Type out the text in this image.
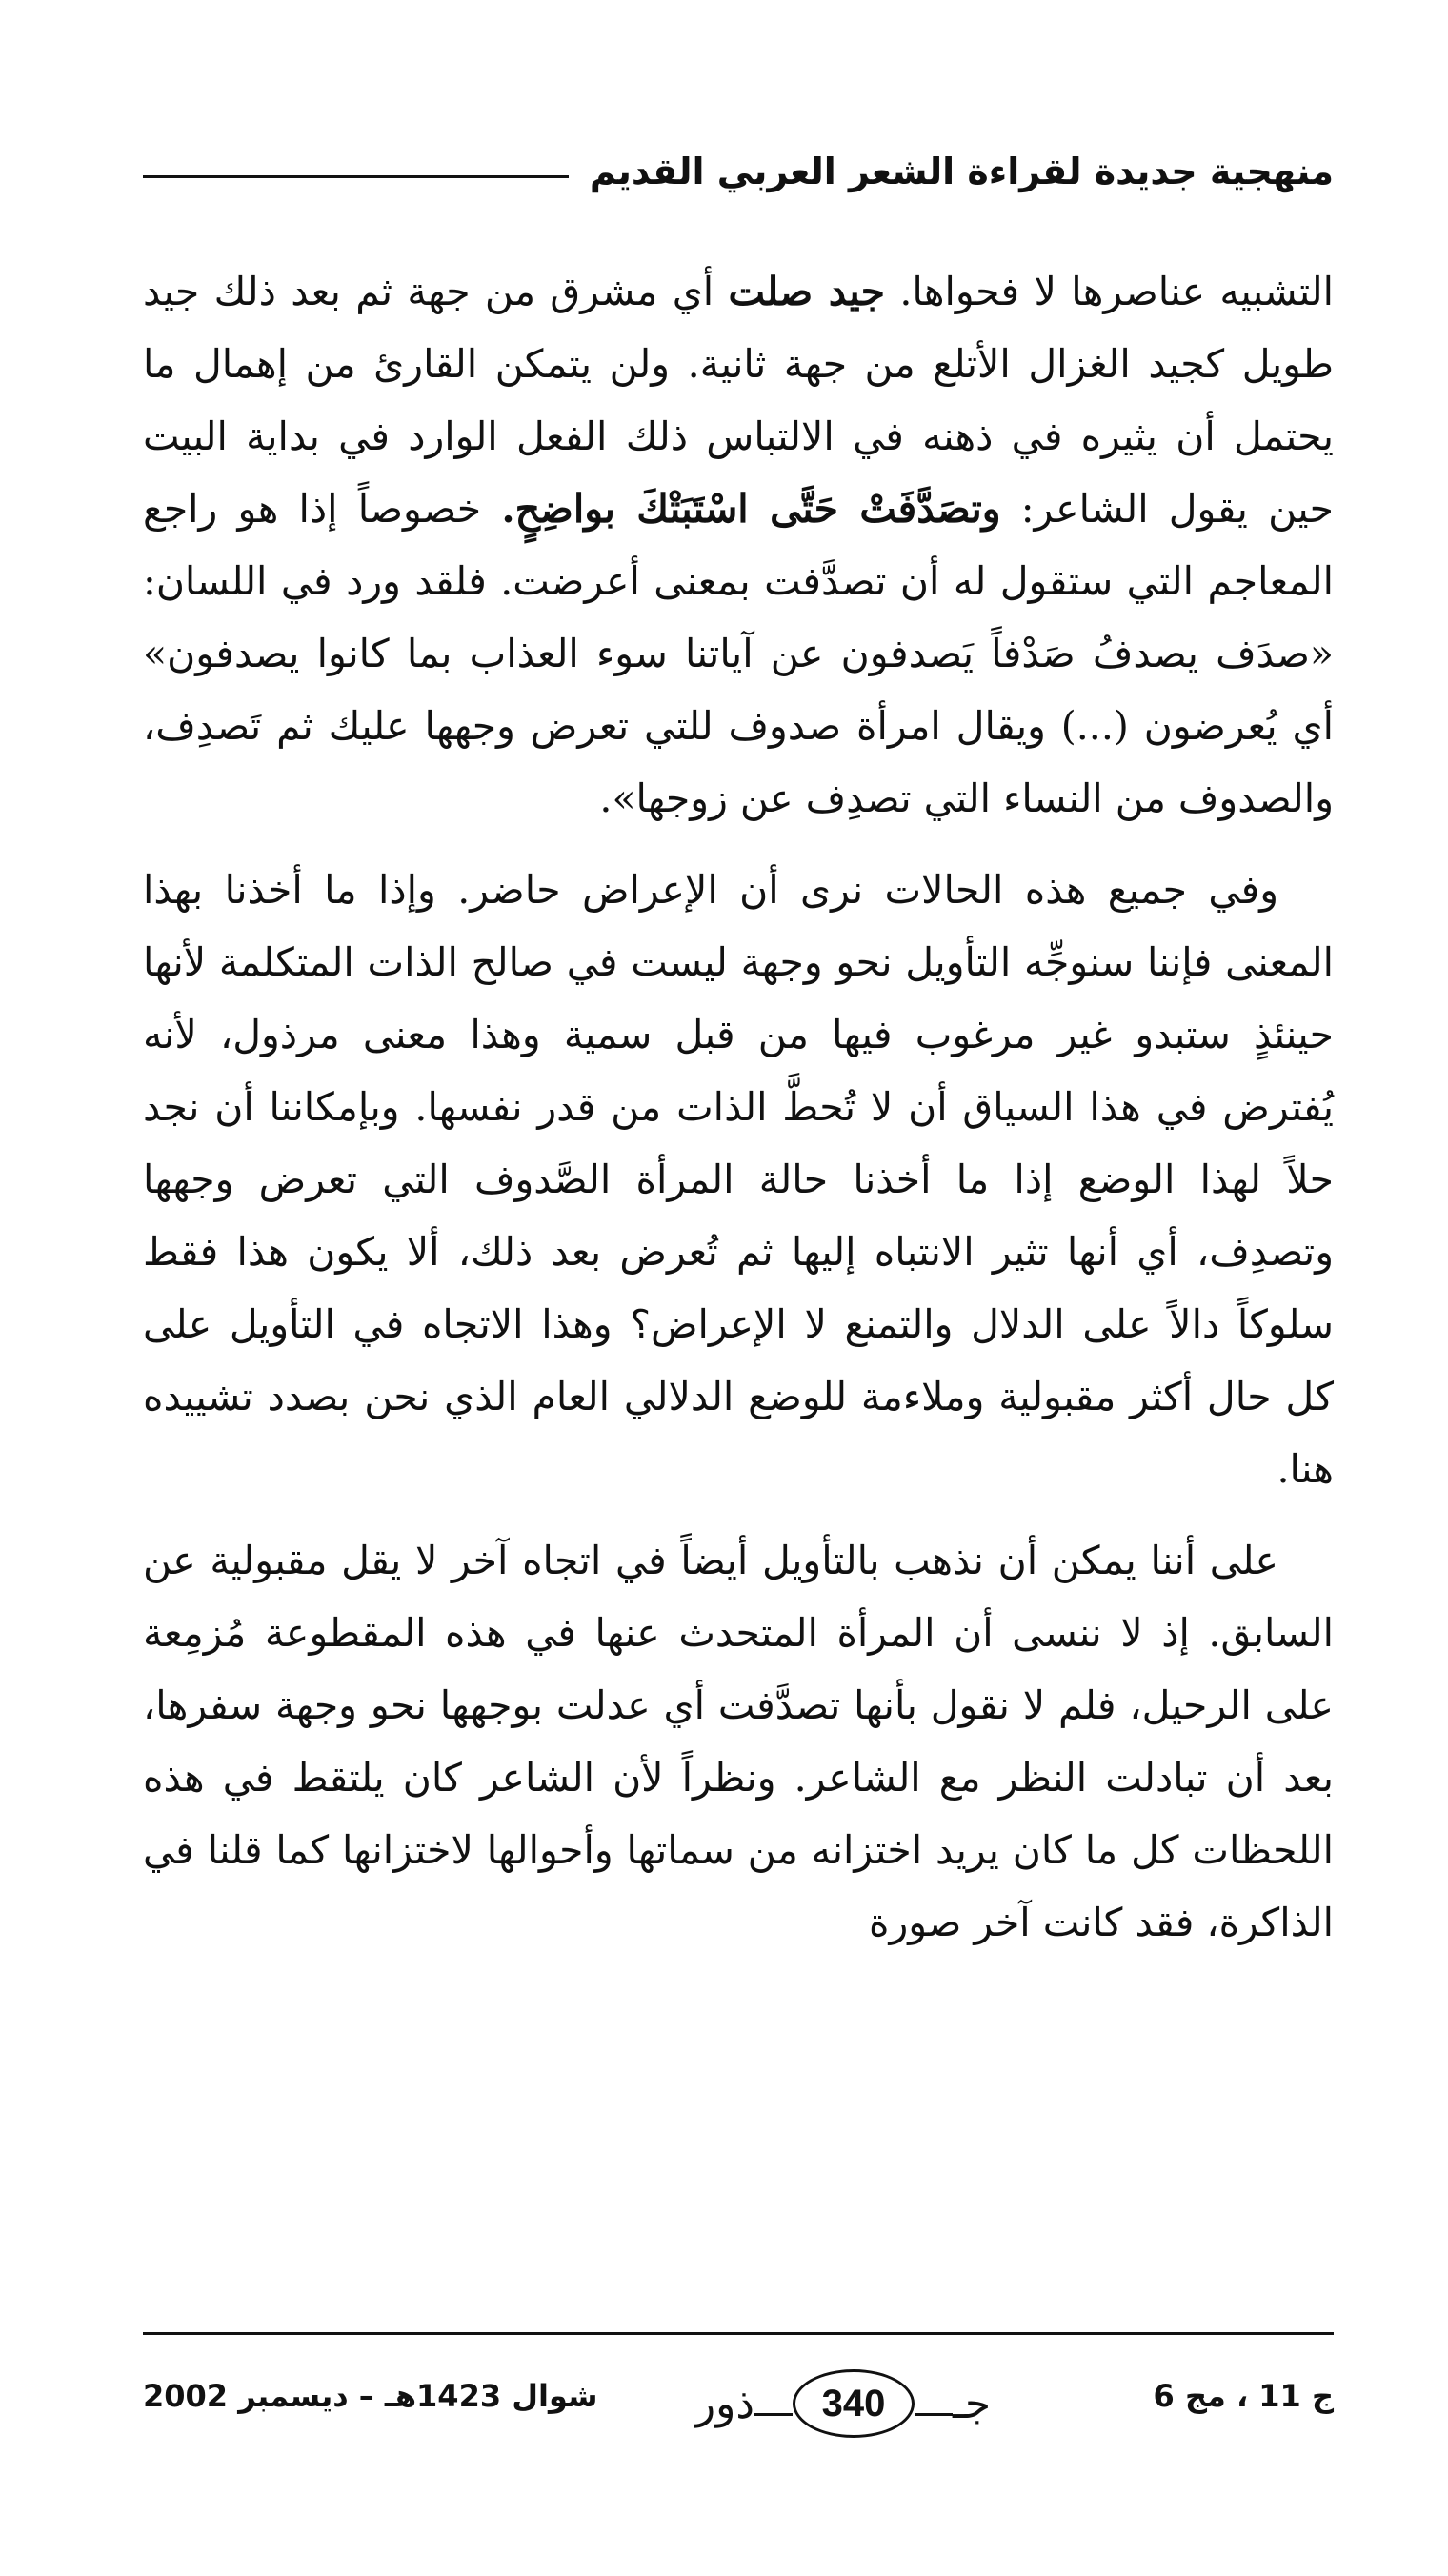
منهجية جديدة لقراءة الشعر العربي القديم

التشبيه عناصرها لا فحواها. جيد صلت أي مشرق من جهة ثم بعد ذلك جيد طويل كجيد الغزال الأتلع من جهة ثانية. ولن يتمكن القارئ من إهمال ما يحتمل أن يثيره في ذهنه في الالتباس ذلك الفعل الوارد في بداية البيت حين يقول الشاعر: وتصَدَّفَتْ حَتَّى اسْتَبَتْكَ بواضِحٍ. خصوصاً إذا هو راجع المعاجم التي ستقول له أن تصدَّفت بمعنى أعرضت. فلقد ورد في اللسان: «صدَف يصدفُ صَدْفاً يَصدفون عن آياتنا سوء العذاب بما كانوا يصدفون» أي يُعرضون (...) ويقال امرأة صدوف للتي تعرض وجهها عليك ثم تَصدِف، والصدوف من النساء التي تصدِف عن زوجها».

وفي جميع هذه الحالات نرى أن الإعراض حاضر. وإذا ما أخذنا بهذا المعنى فإننا سنوجِّه التأويل نحو وجهة ليست في صالح الذات المتكلمة لأنها حينئذٍ ستبدو غير مرغوب فيها من قبل سمية وهذا معنى مرذول، لأنه يُفترض في هذا السياق أن لا تُحطَّ الذات من قدر نفسها. وبإمكاننا أن نجد حلاً لهذا الوضع إذا ما أخذنا حالة المرأة الصَّدوف التي تعرض وجهها وتصدِف، أي أنها تثير الانتباه إليها ثم تُعرض بعد ذلك، ألا يكون هذا فقط سلوكاً دالاً على الدلال والتمنع لا الإعراض؟ وهذا الاتجاه في التأويل على كل حال أكثر مقبولية وملاءمة للوضع الدلالي العام الذي نحن بصدد تشييده هنا.

على أننا يمكن أن نذهب بالتأويل أيضاً في اتجاه آخر لا يقل مقبولية عن السابق. إذ لا ننسى أن المرأة المتحدث عنها في هذه المقطوعة مُزمِعة على الرحيل، فلم لا نقول بأنها تصدَّفت أي عدلت بوجهها نحو وجهة سفرها، بعد أن تبادلت النظر مع الشاعر. ونظراً لأن الشاعر كان يلتقط في هذه اللحظات كل ما كان يريد اختزانه من سماتها وأحوالها لاختزانها كما قلنا في الذاكرة، فقد كانت آخر صورة

ج 11 ، مج 6
ذور	340	جـ
شوال 1423هـ – ديسمبر 2002
